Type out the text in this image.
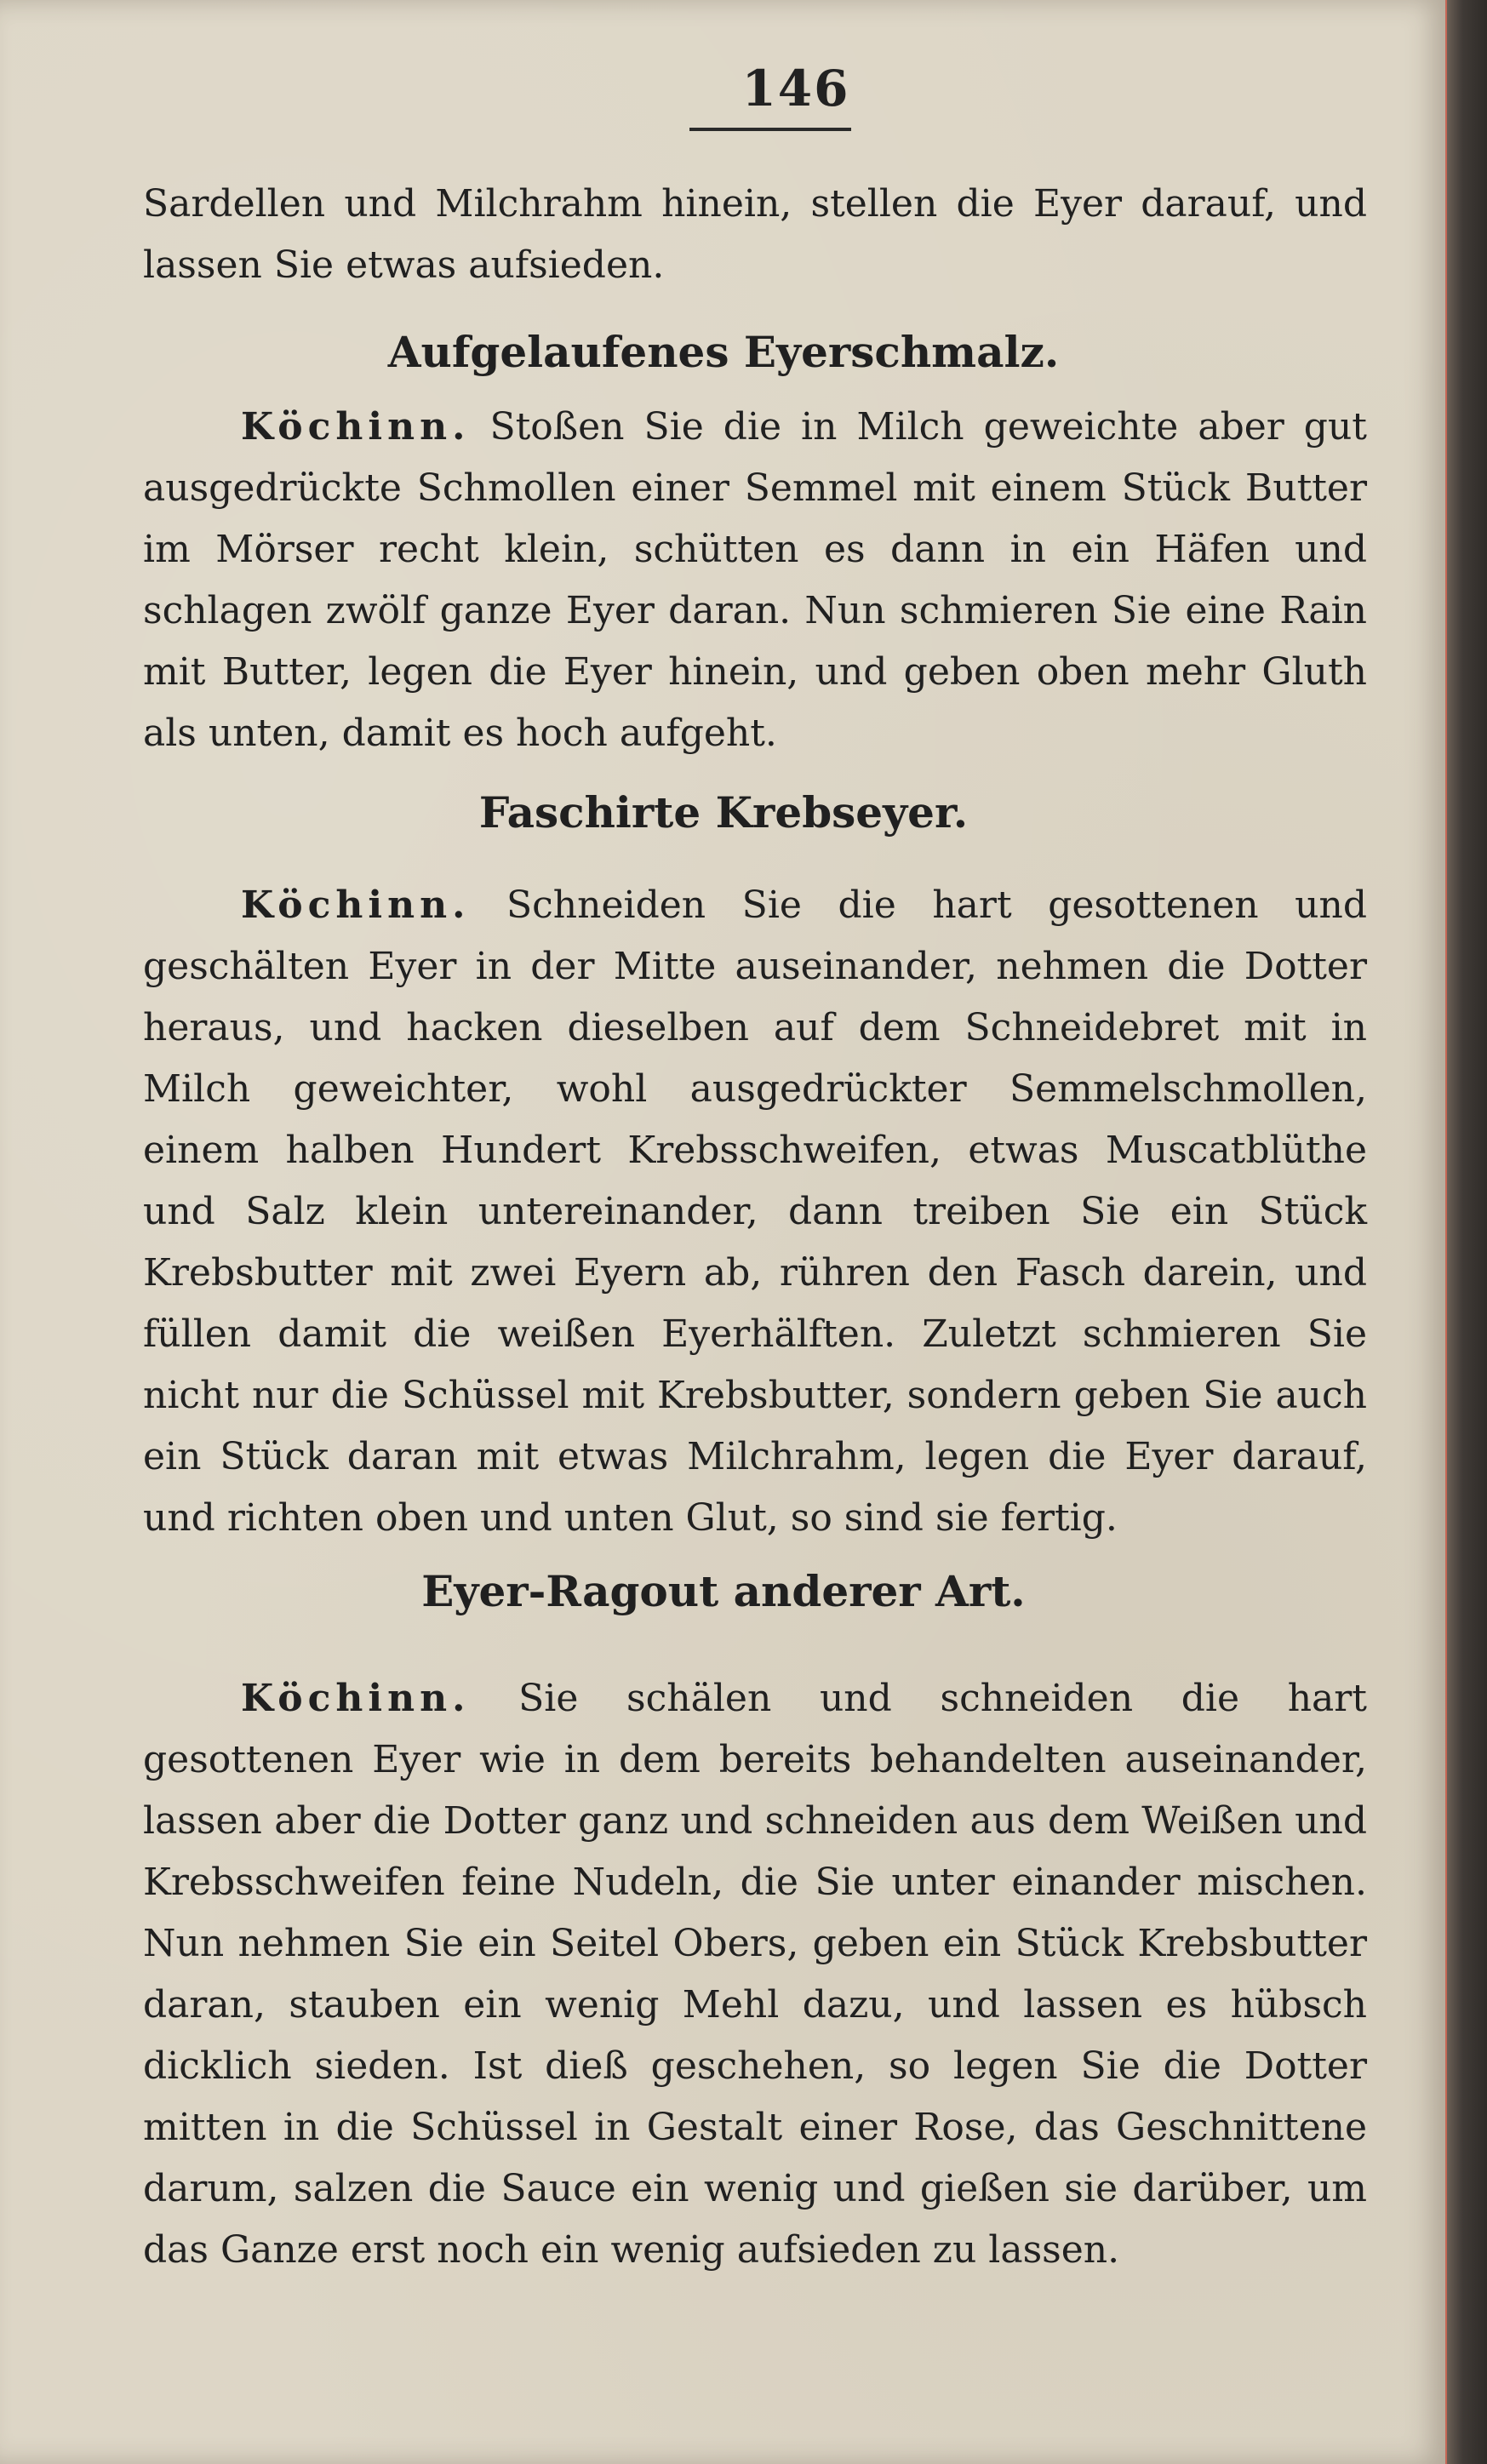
146

Sardellen und Milchrahm hinein, stellen die Eyer darauf, und lassen Sie etwas aufsieden.

Aufgelaufenes Eyerschmalz.

Köchinn. Stoßen Sie die in Milch geweichte aber gut ausgedrückte Schmollen einer Semmel mit einem Stück Butter im Mörser recht klein, schütten es dann in ein Häfen und schlagen zwölf ganze Eyer daran. Nun schmieren Sie eine Rain mit Butter, legen die Eyer hinein, und geben oben mehr Gluth als unten, damit es hoch aufgeht.

Faschirte Krebseyer.

Köchinn. Schneiden Sie die hart gesottenen und geschälten Eyer in der Mitte auseinander, nehmen die Dotter heraus, und hacken dieselben auf dem Schneidebret mit in Milch geweichter, wohl ausgedrückter Semmelschmollen, einem halben Hundert Krebsschweifen, etwas Muscatblüthe und Salz klein untereinander, dann treiben Sie ein Stück Krebsbutter mit zwei Eyern ab, rühren den Fasch darein, und füllen damit die weißen Eyerhälften. Zuletzt schmieren Sie nicht nur die Schüssel mit Krebsbutter, sondern geben Sie auch ein Stück daran mit etwas Milchrahm, legen die Eyer darauf, und richten oben und unten Glut, so sind sie fertig.

Eyer-Ragout anderer Art.

Köchinn. Sie schälen und schneiden die hart gesottenen Eyer wie in dem bereits behandelten auseinander, lassen aber die Dotter ganz und schneiden aus dem Weißen und Krebsschweifen feine Nudeln, die Sie unter einander mischen. Nun nehmen Sie ein Seitel Obers, geben ein Stück Krebsbutter daran, stauben ein wenig Mehl dazu, und lassen es hübsch dicklich sieden. Ist dieß geschehen, so legen Sie die Dotter mitten in die Schüssel in Gestalt einer Rose, das Geschnittene darum, salzen die Sauce ein wenig und gießen sie darüber, um das Ganze erst noch ein wenig aufsieden zu lassen.
